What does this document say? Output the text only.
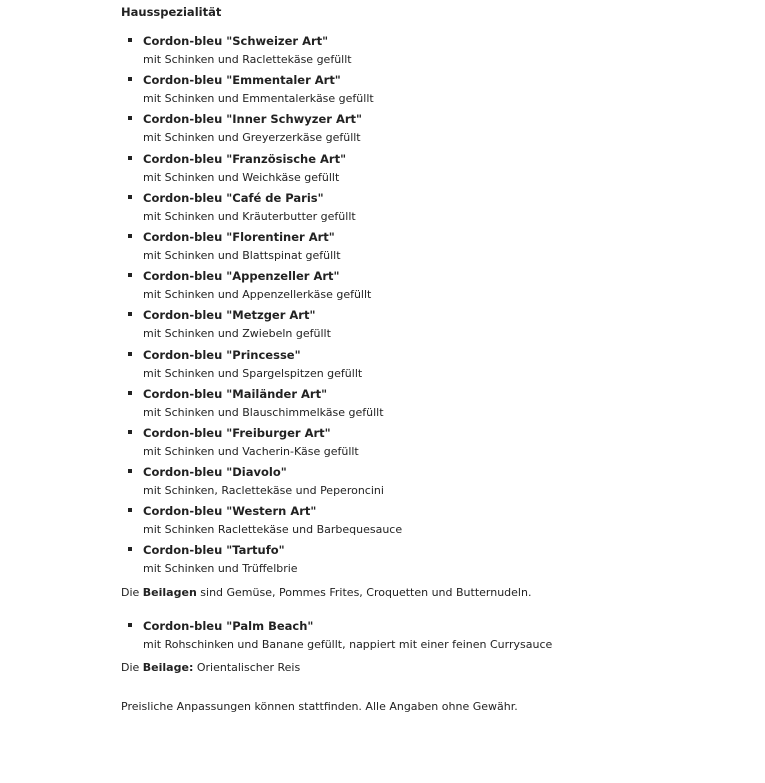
Hausspezialität
Cordon-bleu "Schweizer Art"
mit Schinken und Raclettekäse gefüllt
Cordon-bleu "Emmentaler Art"
mit Schinken und Emmentalerkäse gefüllt
Cordon-bleu "Inner Schwyzer Art"
mit Schinken und Greyerzerkäse gefüllt
Cordon-bleu "Französische Art"
mit Schinken und Weichkäse gefüllt
Cordon-bleu "Café de Paris"
mit Schinken und Kräuterbutter gefüllt
Cordon-bleu "Florentiner Art"
mit Schinken und Blattspinat gefüllt
Cordon-bleu "Appenzeller Art"
mit Schinken und Appenzellerkäse gefüllt
Cordon-bleu "Metzger Art"
mit Schinken und Zwiebeln gefüllt
Cordon-bleu "Princesse"
mit Schinken und Spargelspitzen gefüllt
Cordon-bleu "Mailänder Art"
mit Schinken und Blauschimmelkäse gefüllt
Cordon-bleu "Freiburger Art"
mit Schinken und Vacherin-Käse gefüllt
Cordon-bleu "Diavolo"
mit Schinken, Raclettekäse und Peperoncini
Cordon-bleu "Western Art"
mit Schinken Raclettekäse und Barbequesauce
Cordon-bleu "Tartufo"
mit Schinken und Trüffelbrie

Die Beilagen sind Gemüse, Pommes Frites, Croquetten und Butternudeln.

Cordon-bleu "Palm Beach"
mit Rohschinken und Banane gefüllt, nappiert mit einer feinen Currysauce

Die Beilage: Orientalischer Reis

Preisliche Anpassungen können stattfinden. Alle Angaben ohne Gewähr.
